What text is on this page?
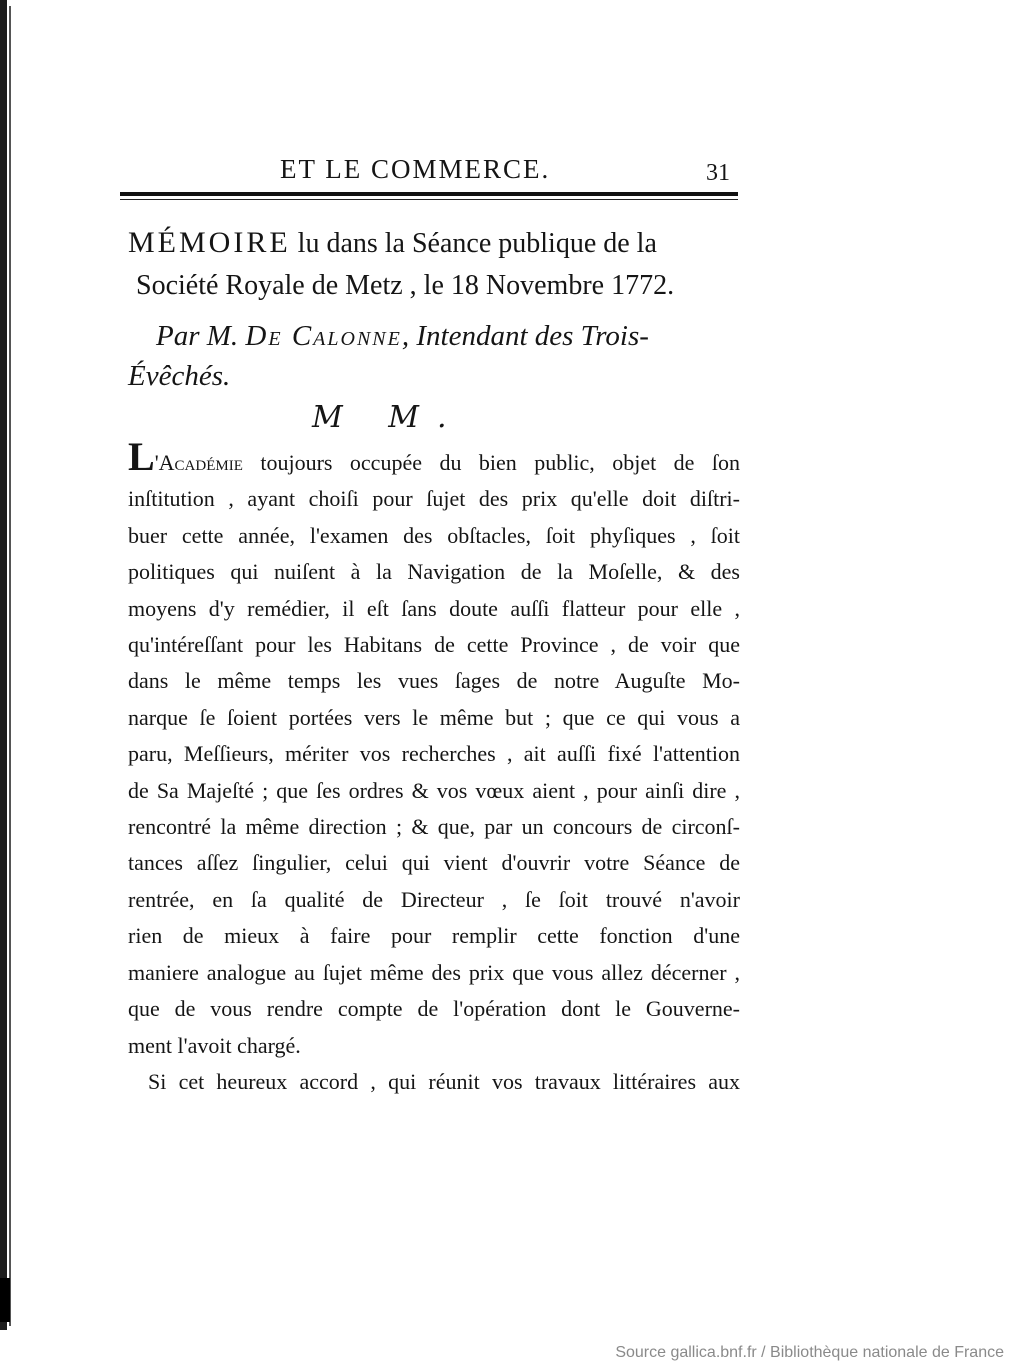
ET LE COMMERCE.	31
MÉMOIRE lu dans la Séance publique de la
Société Royale de Metz , le 18 Novembre 1772.
Par M. De Calonne, Intendant des Trois-
Évêchés.
M M.
L'Académie toujours occupée du bien public, objet de ſon
inſtitution , ayant choiſi pour ſujet des prix qu'elle doit diſtri-
buer cette année, l'examen des obſtacles, ſoit phyſiques , ſoit
politiques qui nuiſent à la Navigation de la Moſelle, & des
moyens d'y remédier, il eſt ſans doute auſſi flatteur pour elle ,
qu'intéreſſant pour les Habitans de cette Province , de voir que
dans le même temps les vues ſages de notre Auguſte Mo-
narque ſe ſoient portées vers le même but ; que ce qui vous a
paru, Meſſieurs, mériter vos recherches , ait auſſi fixé l'attention
de Sa Majeſté ; que ſes ordres & vos vœux aient , pour ainſi dire ,
rencontré la même direction ; & que, par un concours de circonſ-
tances aſſez ſingulier, celui qui vient d'ouvrir votre Séance de
rentrée, en ſa qualité de Directeur , ſe ſoit trouvé n'avoir
rien de mieux à faire pour remplir cette fonction d'une
maniere analogue au ſujet même des prix que vous allez décerner ,
que de vous rendre compte de l'opération dont le Gouverne-
ment l'avoit chargé.
Si cet heureux accord , qui réunit vos travaux littéraires aux
Source gallica.bnf.fr / Bibliothèque nationale de France
